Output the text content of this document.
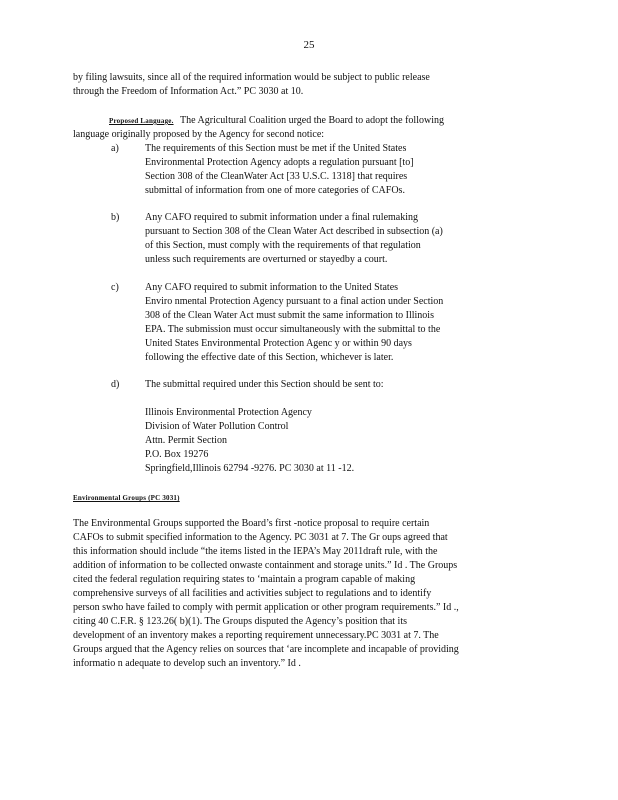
25
by filing lawsuits, since all of the required information would be subject to public release
through the Freedom of Information Act.” PC 3030 at 10.
Proposed Language. The Agricultural Coalition urged the Board to adopt the following
language originally proposed by the Agency for second notice:
a)	The requirements of this Section must be met if the United States
Environmental Protection Agency adopts a regulation pursuant [to]
Section 308 of the CleanWater Act [33 U.S.C. 1318] that requires
submittal of information from one of more categories of CAFOs.
b)	Any CAFO required to submit information under a final rulemaking
pursuant to Section 308 of the Clean Water Act described in subsection (a)
of this Section, must comply with the requirements of that regulation
unless such requirements are overturned or stayedby a court.
c)	Any CAFO required to submit information to the United States
Enviro nmental Protection Agency pursuant to a final action under Section
308 of the Clean Water Act must submit the same information to Illinois
EPA. The submission must occur simultaneously with the submittal to the
United States Environmental Protection Agenc y or within 90 days
following the effective date of this Section, whichever is later.
d)	The submittal required under this Section should be sent to:
Illinois Environmental Protection Agency
Division of Water Pollution Control
Attn. Permit Section
P.O. Box 19276
Springfield,Illinois 62794 -9276. PC 3030 at 11 -12.
Environmental Groups (PC 3031)
The Environmental Groups supported the Board’s first -notice proposal to require certain
CAFOs to submit specified information to the Agency. PC 3031 at 7. The Gr oups agreed that
this information should include “the items listed in the IEPA’s May 2011draft rule, with the
addition of information to be collected onwaste containment and storage units.” Id . The Groups
cited the federal regulation requiring states to ‘maintain a program capable of making
comprehensive surveys of all facilities and activities subject to regulations and to identify
person swho have failed to comply with permit application or other program requirements.” Id .,
citing 40 C.F.R. § 123.26( b)(1). The Groups disputed the Agency’s position that its
development of an inventory makes a reporting requirement unnecessary.PC 3031 at 7. The
Groups argued that the Agency relies on sources that ‘are incomplete and incapable of providing
informatio n adequate to develop such an inventory.” Id .
